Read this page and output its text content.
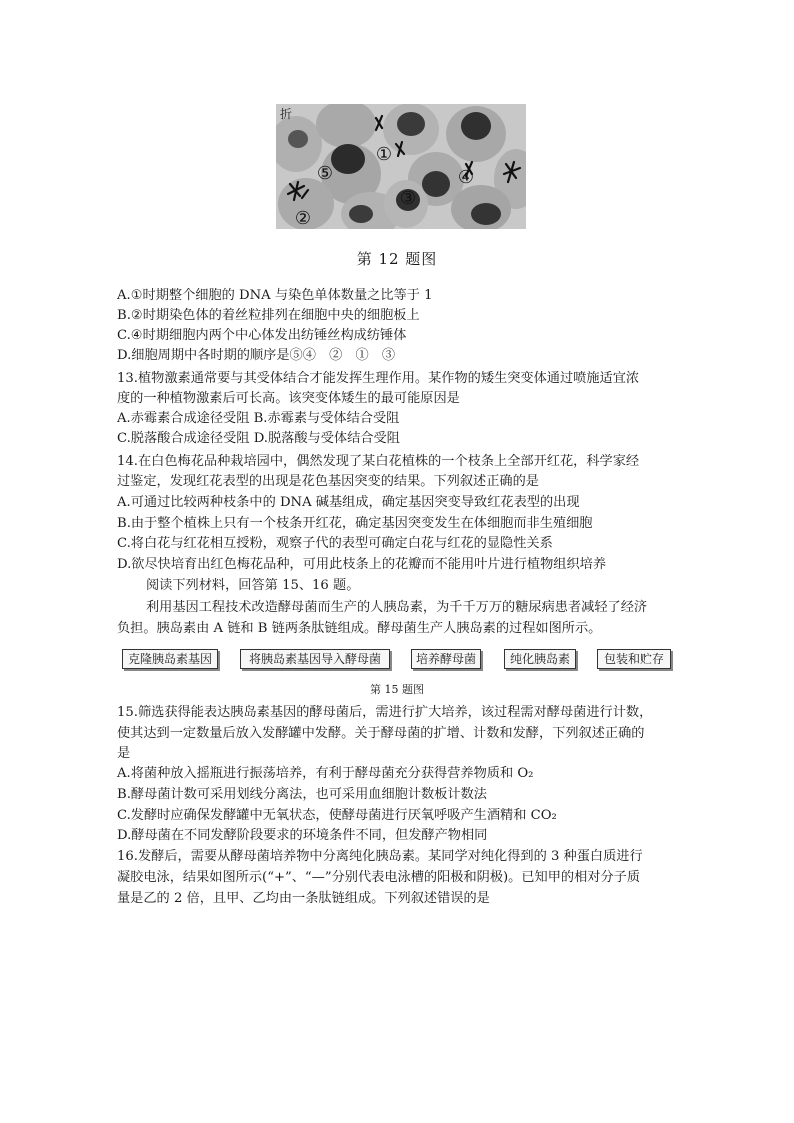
①
②
③
④
⑤
折
第 12 题图
A.①时期整个细胞的 DNA 与染色单体数量之比等于 1
B.②时期染色体的着丝粒排列在细胞中央的细胞板上
C.④时期细胞内两个中心体发出纺锤丝构成纺锤体
D.细胞周期中各时期的顺序是⑤④　②　①　③
13.植物激素通常要与其受体结合才能发挥生理作用。某作物的矮生突变体通过喷施适宜浓
度的一种植物激素后可长高。该突变体矮生的最可能原因是
A.赤霉素合成途径受阻 B.赤霉素与受体结合受阻
C.脱落酸合成途径受阻 D.脱落酸与受体结合受阻
14.在白色梅花品种栽培园中，偶然发现了某白花植株的一个枝条上全部开红花，科学家经
过鉴定，发现红花表型的出现是花色基因突变的结果。下列叙述正确的是
A.可通过比较两种枝条中的 DNA 碱基组成，确定基因突变导致红花表型的出现
B.由于整个植株上只有一个枝条开红花，确定基因突变发生在体细胞而非生殖细胞
C.将白花与红花相互授粉，观察子代的表型可确定白花与红花的显隐性关系
D.欲尽快培育出红色梅花品种，可用此枝条上的花瓣而不能用叶片进行植物组织培养
阅读下列材料，回答第 15、16 题。
利用基因工程技术改造酵母菌而生产的人胰岛素，为千千万万的糖尿病患者减轻了经济
负担。胰岛素由 A 链和 B 链两条肽链组成。酵母菌生产人胰岛素的过程如图所示。
克隆胰岛素基因	将胰岛素基因导入酵母菌	培养酵母菌	纯化胰岛素	包装和贮存
第 15 题图
15.筛选获得能表达胰岛素基因的酵母菌后，需进行扩大培养，该过程需对酵母菌进行计数，
使其达到一定数量后放入发酵罐中发酵。关于酵母菌的扩增、计数和发酵，下列叙述正确的
是
A.将菌种放入摇瓶进行振荡培养，有利于酵母菌充分获得营养物质和 O₂
B.酵母菌计数可采用划线分离法，也可采用血细胞计数板计数法
C.发酵时应确保发酵罐中无氧状态，使酵母菌进行厌氧呼吸产生酒精和 CO₂
D.酵母菌在不同发酵阶段要求的环境条件不同，但发酵产物相同
16.发酵后，需要从酵母菌培养物中分离纯化胰岛素。某同学对纯化得到的 3 种蛋白质进行
凝胶电泳，结果如图所示(“+”、“—”分别代表电泳槽的阳极和阴极)。已知甲的相对分子质
量是乙的 2 倍，且甲、乙均由一条肽链组成。下列叙述错误的是
